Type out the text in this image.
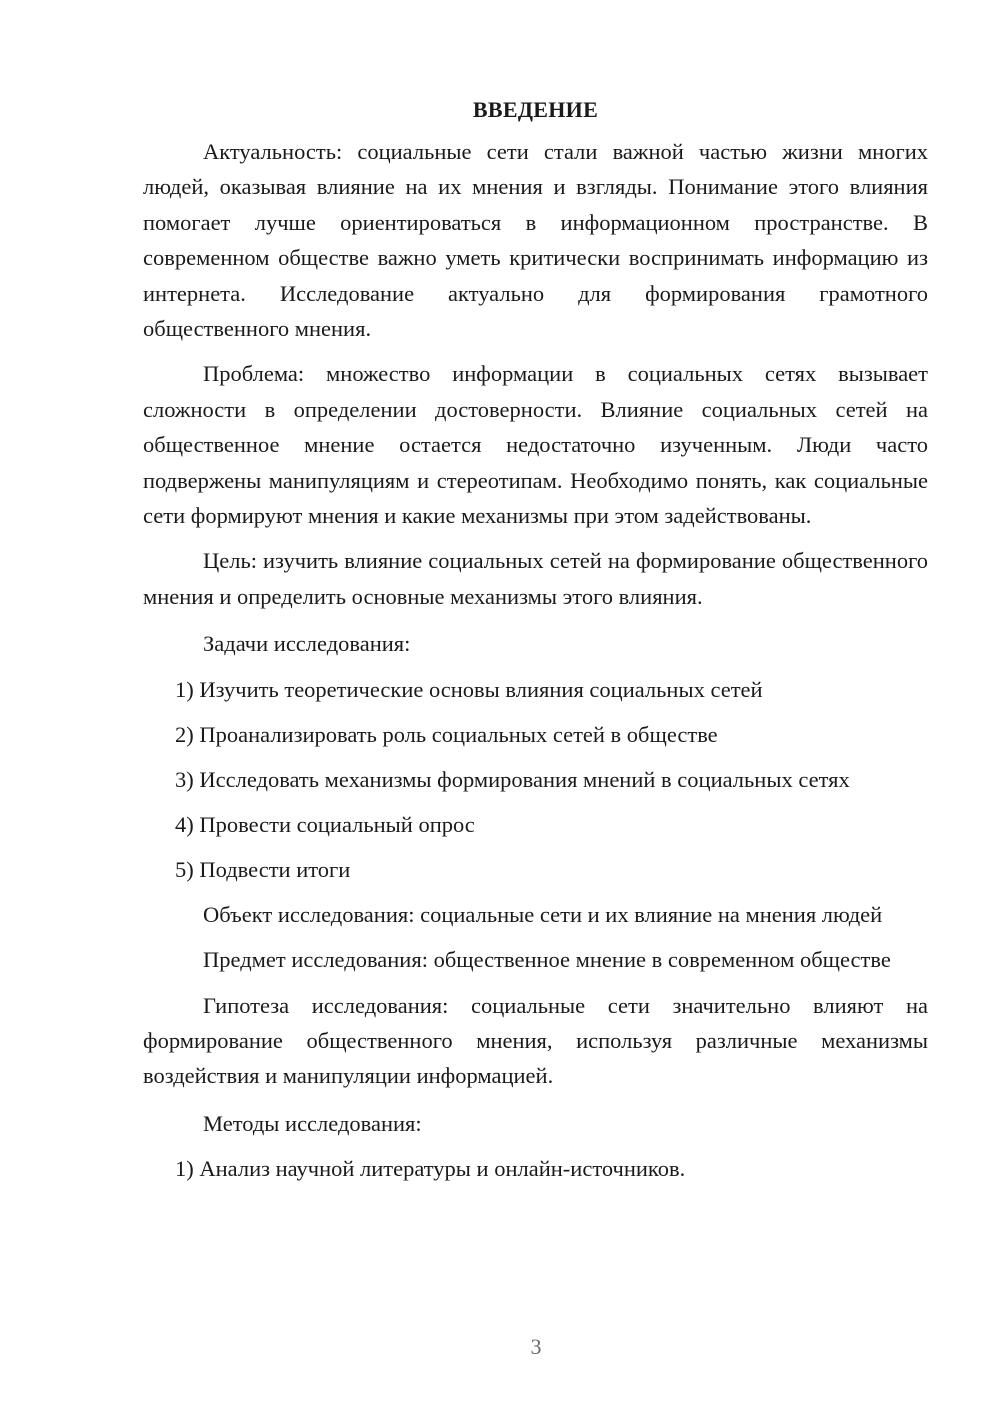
ВВЕДЕНИЕ

Актуальность: социальные сети стали важной частью жизни многих людей, оказывая влияние на их мнения и взгляды. Понимание этого влияния помогает лучше ориентироваться в информационном пространстве. В современном обществе важно уметь критически воспринимать информацию из интернета. Исследование актуально для формирования грамотного общественного мнения.

Проблема: множество информации в социальных сетях вызывает сложности в определении достоверности. Влияние социальных сетей на общественное мнение остается недостаточно изученным. Люди часто подвержены манипуляциям и стереотипам. Необходимо понять, как социальные сети формируют мнения и какие механизмы при этом задействованы.

Цель: изучить влияние социальных сетей на формирование общественного мнения и определить основные механизмы этого влияния.

Задачи исследования:

1) Изучить теоретические основы влияния социальных сетей

2) Проанализировать роль социальных сетей в обществе

3) Исследовать механизмы формирования мнений в социальных сетях

4) Провести социальный опрос

5) Подвести итоги

Объект исследования: социальные сети и их влияние на мнения людей

Предмет исследования: общественное мнение в современном обществе

Гипотеза исследования: социальные сети значительно влияют на формирование общественного мнения, используя различные механизмы воздействия и манипуляции информацией.

Методы исследования:

1) Анализ научной литературы и онлайн-источников.

3
